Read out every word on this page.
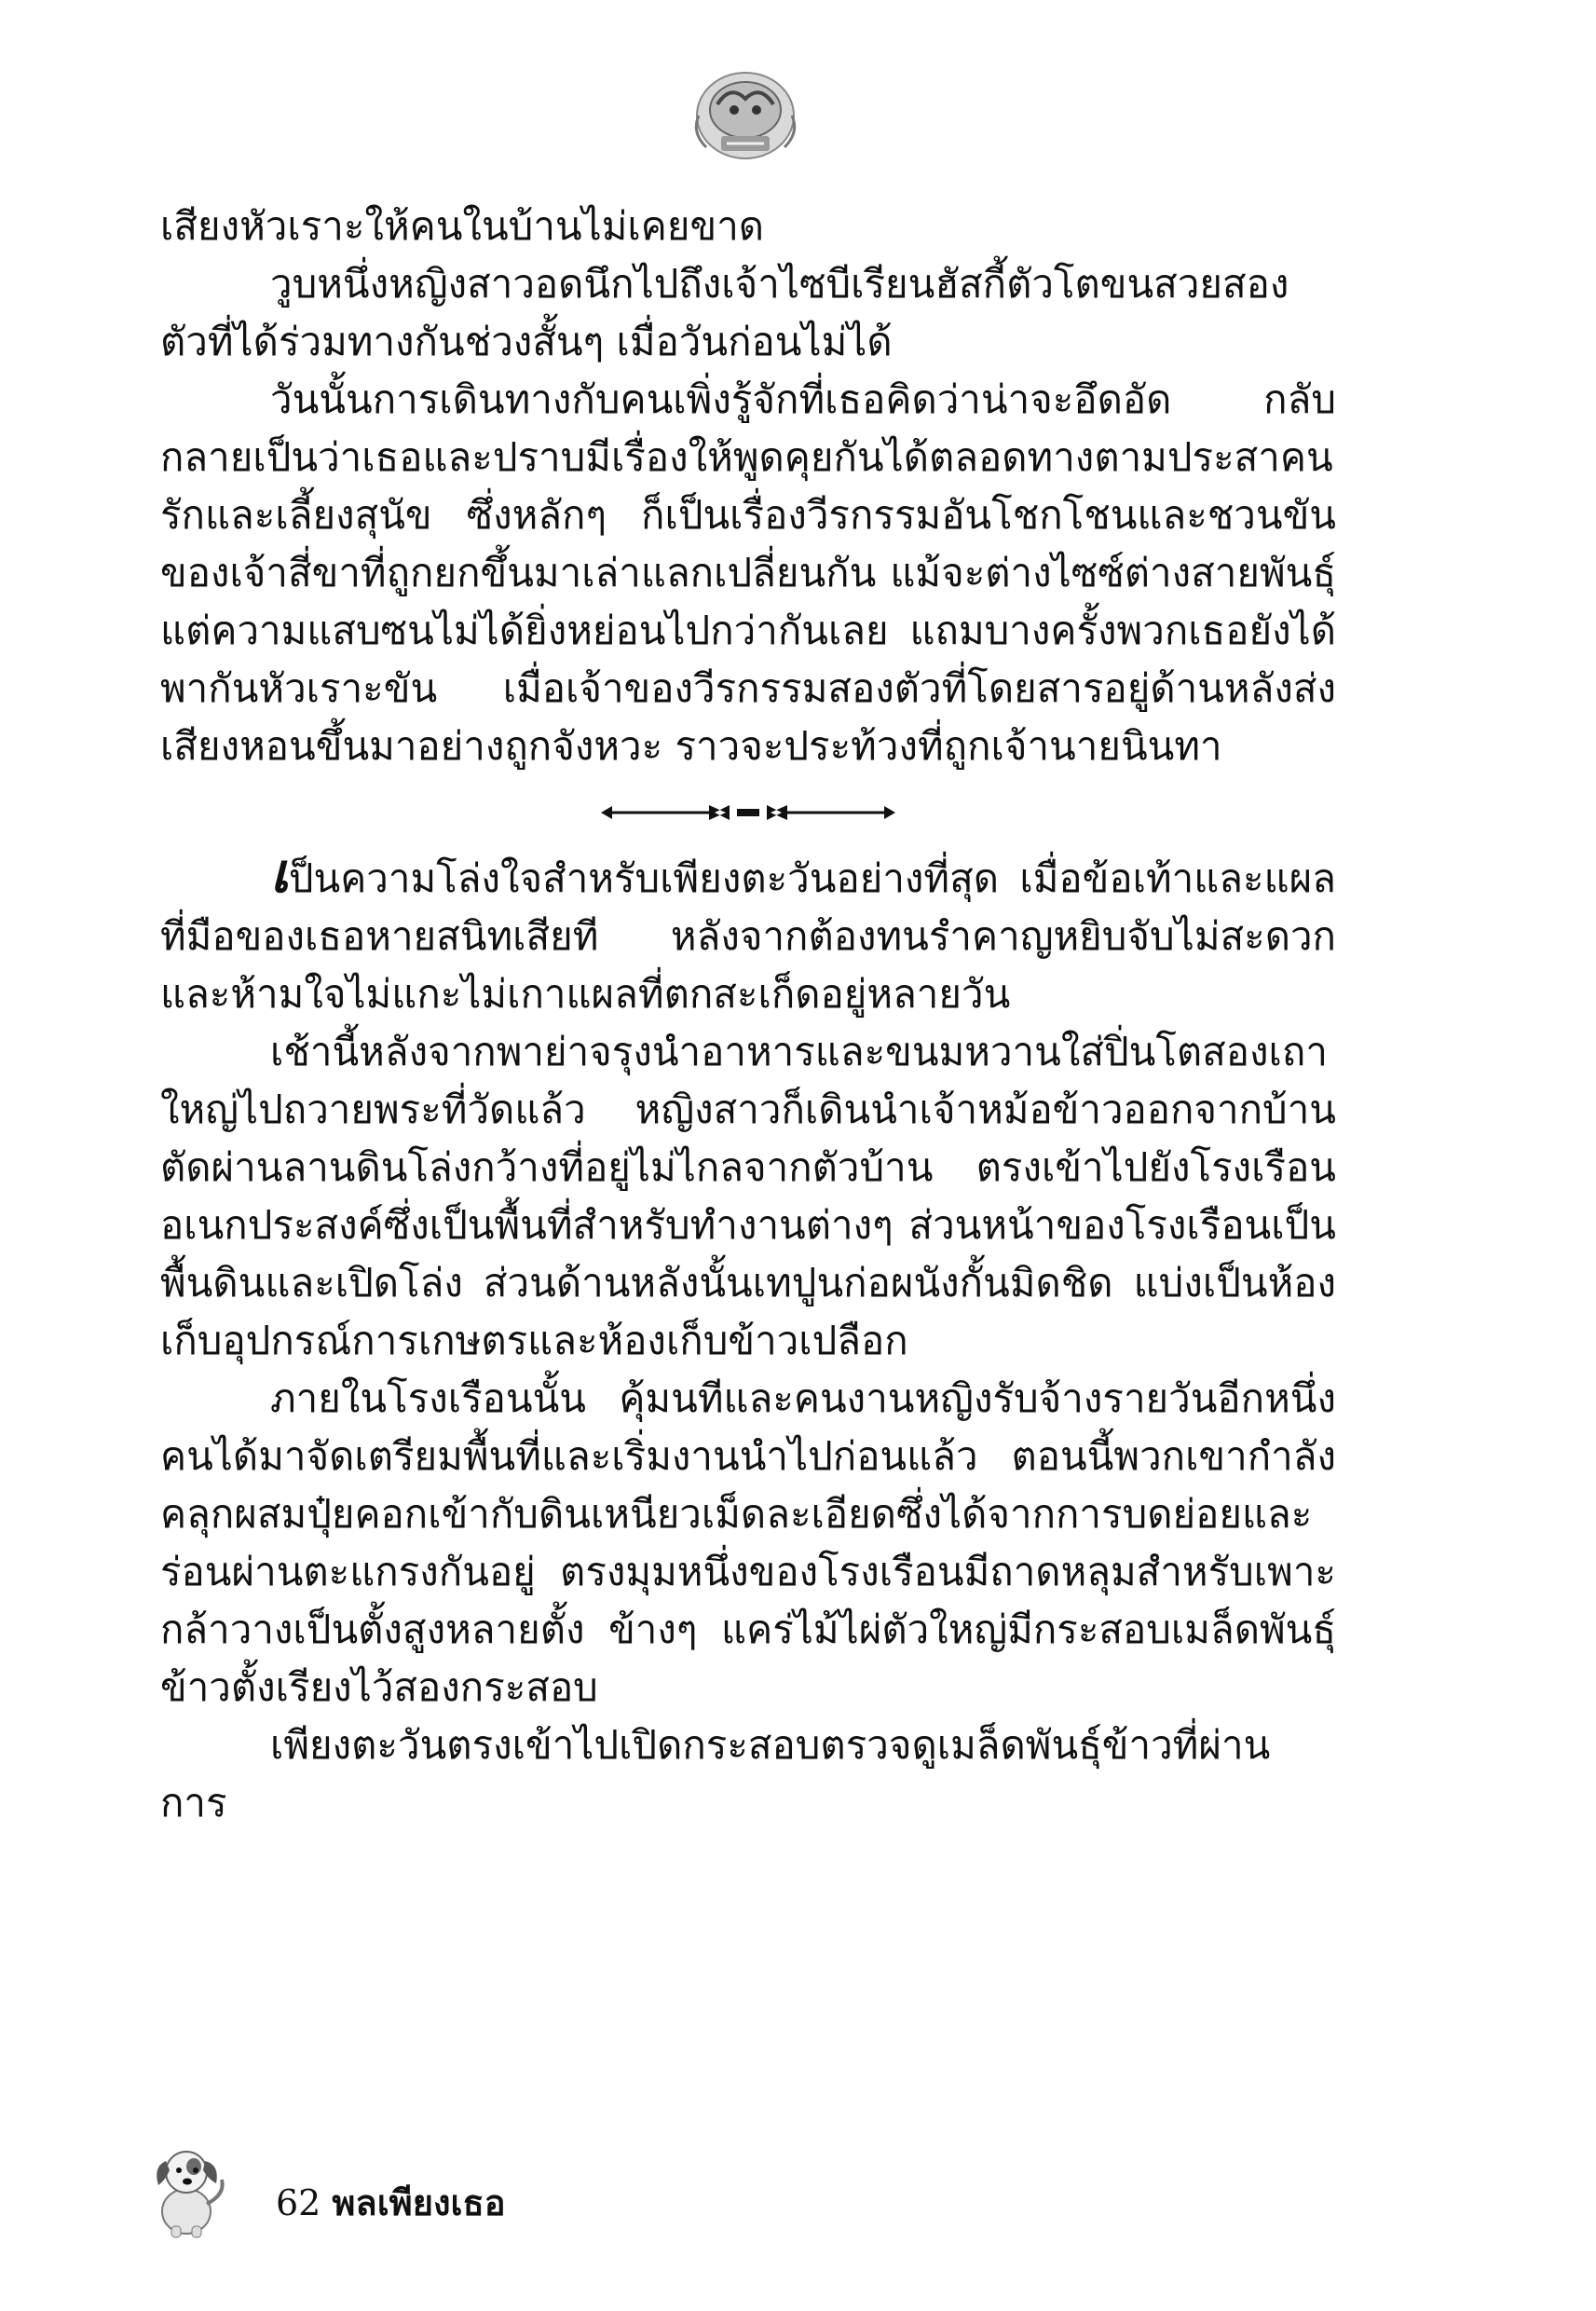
เสียงหัวเราะให้คนในบ้านไม่เคยขาด

วูบหนึ่งหญิงสาวอดนึกไปถึงเจ้าไซบีเรียนฮัสกี้ตัวโตขนสวยสองตัวที่ได้ร่วมทางกันช่วงสั้นๆ เมื่อวันก่อนไม่ได้

วันนั้นการเดินทางกับคนเพิ่งรู้จักที่เธอคิดว่าน่าจะอึดอัด กลับกลายเป็นว่าเธอและปราบมีเรื่องให้พูดคุยกันได้ตลอดทางตามประสาคนรักและเลี้ยงสุนัข ซึ่งหลักๆ ก็เป็นเรื่องวีรกรรมอันโชกโชนและชวนขันของเจ้าสี่ขาที่ถูกยกขึ้นมาเล่าแลกเปลี่ยนกัน แม้จะต่างไซซ์ต่างสายพันธุ์แต่ความแสบซนไม่ได้ยิ่งหย่อนไปกว่ากันเลย แถมบางครั้งพวกเธอยังได้พากันหัวเราะขัน เมื่อเจ้าของวีรกรรมสองตัวที่โดยสารอยู่ด้านหลังส่งเสียงหอนขึ้นมาอย่างถูกจังหวะ ราวจะประท้วงที่ถูกเจ้านายนินทา

เป็นความโล่งใจสำหรับเพียงตะวันอย่างที่สุด เมื่อข้อเท้าและแผลที่มือของเธอหายสนิทเสียที หลังจากต้องทนรำคาญหยิบจับไม่สะดวกและห้ามใจไม่แกะไม่เกาแผลที่ตกสะเก็ดอยู่หลายวัน

เช้านี้หลังจากพาย่าจรุงนำอาหารและขนมหวานใส่ปิ่นโตสองเถาใหญ่ไปถวายพระที่วัดแล้ว หญิงสาวก็เดินนำเจ้าหม้อข้าวออกจากบ้านตัดผ่านลานดินโล่งกว้างที่อยู่ไม่ไกลจากตัวบ้าน ตรงเข้าไปยังโรงเรือนอเนกประสงค์ซึ่งเป็นพื้นที่สำหรับทำงานต่างๆ ส่วนหน้าของโรงเรือนเป็นพื้นดินและเปิดโล่ง ส่วนด้านหลังนั้นเทปูนก่อผนังกั้นมิดชิด แบ่งเป็นห้องเก็บอุปกรณ์การเกษตรและห้องเก็บข้าวเปลือก

ภายในโรงเรือนนั้น คุ้มนทีและคนงานหญิงรับจ้างรายวันอีกหนึ่งคนได้มาจัดเตรียมพื้นที่และเริ่มงานนำไปก่อนแล้ว ตอนนี้พวกเขากำลังคลุกผสมปุ๋ยคอกเข้ากับดินเหนียวเม็ดละเอียดซึ่งได้จากการบดย่อยและร่อนผ่านตะแกรงกันอยู่ ตรงมุมหนึ่งของโรงเรือนมีถาดหลุมสำหรับเพาะกล้าวางเป็นตั้งสูงหลายตั้ง ข้างๆ แคร่ไม้ไผ่ตัวใหญ่มีกระสอบเมล็ดพันธุ์ข้าวตั้งเรียงไว้สองกระสอบ

เพียงตะวันตรงเข้าไปเปิดกระสอบตรวจดูเมล็ดพันธุ์ข้าวที่ผ่านการ

62 พลเพียงเธอ
